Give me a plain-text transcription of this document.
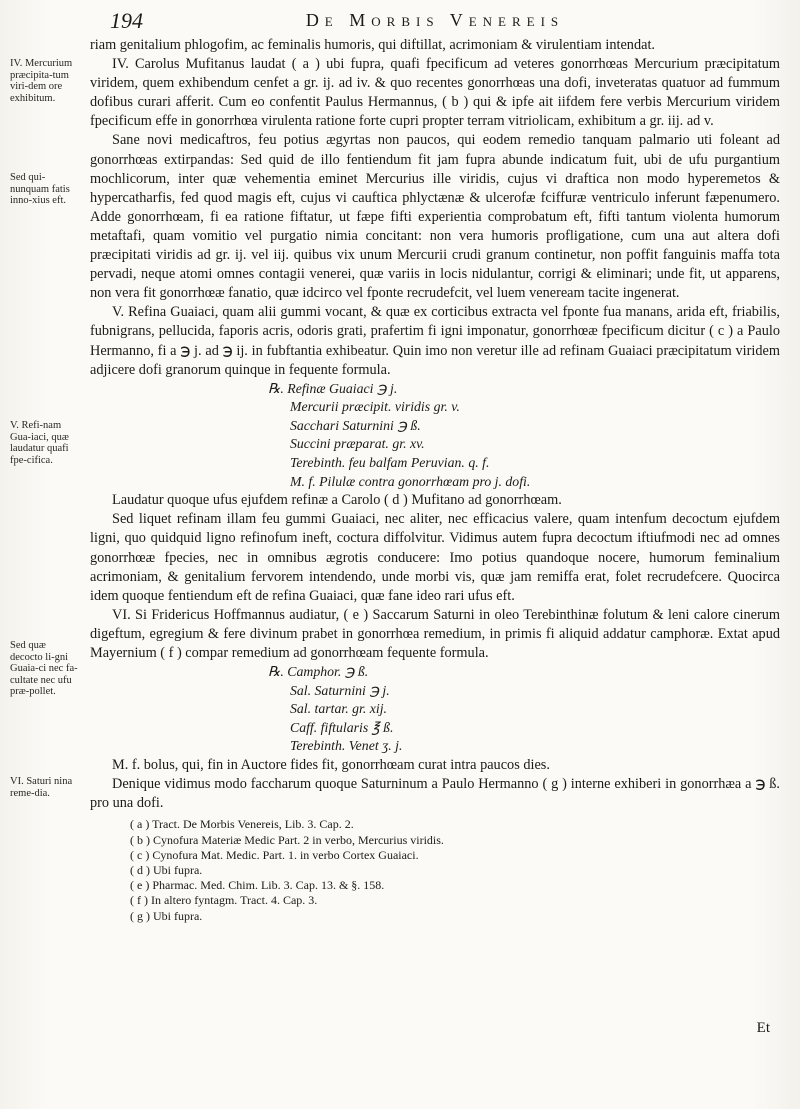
194	De Morbis Venereis
IV. Mercurium præcipita-tum viri-dem ore exhibitum.
Sed qui-nunquam fatis inno-xius eft.
V. Refi-nam Gua-iaci, quæ laudatur quafi fpe-cifica.
Sed quæ decocto li-gni Guaia-ci nec fa-cultate nec ufu præ-pollet.
VI. Saturi nina reme-dia.

riam genitalium phlogofim, ac feminalis humoris, qui diftillat, acrimoniam & virulentiam intendat.

IV. Carolus Mufitanus laudat ( a ) ubi fupra, quafi fpecificum ad veteres gonorrhœas Mercurium præcipitatum viridem, quem exhibendum cenfet a gr. ij. ad iv. & quo recentes gonorrhœas una dofi, inveteratas quatuor ad fummum dofibus curari afferit. Cum eo confentit Paulus Hermannus, ( b ) qui & ipfe ait iifdem fere verbis Mercurium viridem fpecificum effe in gonorrhœa virulenta ratione forte cupri propter terram vitriolicam, exhibitum a gr. iij. ad v.

Sane novi medicaftros, feu potius ægyrtas non paucos, qui eodem remedio tanquam palmario uti foleant ad gonorrhœas extirpandas: Sed quid de illo fentiendum fit jam fupra abunde indicatum fuit, ubi de ufu purgantium mochlicorum, inter quæ vehementia eminet Mercurius ille viridis, cujus vi draftica non modo hyperemetos & hypercatharfis, fed quod magis eft, cujus vi cauftica phlyctænæ & ulcerofæ fciffuræ ventriculo inferunt fæpenumero. Adde gonorrhœam, fi ea ratione fiftatur, ut fæpe fifti experientia comprobatum eft, fifti tantum violenta humorum metaftafi, quam vomitio vel purgatio nimia concitant: non vera humoris profligatione, cum una aut altera dofi præcipitati viridis ad gr. ij. vel iij. quibus vix unum Mercurii crudi granum continetur, non poffit fanguinis maffa tota pervadi, neque atomi omnes contagii venerei, quæ variis in locis nidulantur, corrigi & eliminari; unde fit, ut apparens, non vera fit gonorrhœæ fanatio, quæ idcirco vel fponte recrudefcit, vel luem veneream tacite ingenerat.

V. Refina Guaiaci, quam alii gummi vocant, & quæ ex corticibus extracta vel fponte fua manans, arida eft, friabilis, fubnigrans, pellucida, faporis acris, odoris grati, prafertim fi igni imponatur, gonorrhœæ fpecificum dicitur ( c ) a Paulo Hermanno, fi a ℈ j. ad ℈ ij. in fubftantia exhibeatur. Quin imo non veretur ille ad refinam Guaiaci præcipitatum viridem adjicere dofi granorum quinque in fequente formula.

℞. Refinæ Guaiaci ℈ j.
Mercurii præcipit. viridis gr. v.
Sacchari Saturnini ℈ ß.
Succini præparat. gr. xv.
Terebinth. feu balfam Peruvian. q. f.
M. f. Pilulæ contra gonorrhœam pro j. dofi.

Laudatur quoque ufus ejufdem refinæ a Carolo ( d ) Mufitano ad gonorrhœam.

Sed liquet refinam illam feu gummi Guaiaci, nec aliter, nec efficacius valere, quam intenfum decoctum ejufdem ligni, quo quidquid ligno refinofum ineft, coctura diffolvitur. Vidimus autem fupra decoctum iftiufmodi nec ad omnes gonorrhœæ fpecies, nec in omnibus ægrotis conducere: Imo potius quandoque nocere, humorum feminalium acrimoniam, & genitalium fervorem intendendo, unde morbi vis, quæ jam remiffa erat, folet recrudefcere. Quocirca idem quoque fentiendum eft de refina Guaiaci, quæ fane ideo rari ufus eft.

VI. Si Fridericus Hoffmannus audiatur, ( e ) Saccarum Saturni in oleo Terebinthinæ folutum & leni calore cinerum digeftum, egregium & fere divinum prabet in gonorrhœa remedium, in primis fi aliquid addatur camphoræ. Extat apud Mayernium ( f ) compar remedium ad gonorrhœam fequente formula.

℞. Camphor. ℈ ß.
Sal. Saturnini ℈ j.
Sal. tartar. gr. xij.
Caff. fiftularis ℥ ß.
Terebinth. Venet ʒ. j.

M. f. bolus, qui, fin in Auctore fides fit, gonorrhœam curat intra paucos dies.

Denique vidimus modo faccharum quoque Saturninum a Paulo Hermanno ( g ) interne exhiberi in gonorrhæa a ℈ ß. pro una dofi.

( a ) Tract. De Morbis Venereis, Lib. 3. Cap. 2.
( b ) Cynofura Materiæ Medic Part. 2 in verbo, Mercurius viridis.
( c ) Cynofura Mat. Medic. Part. 1. in verbo Cortex Guaiaci.
( d ) Ubi fupra.
( e ) Pharmac. Med. Chim. Lib. 3. Cap. 13. & §. 158.
( f ) In altero fyntagm. Tract. 4. Cap. 3.
( g ) Ubi fupra.
Et
